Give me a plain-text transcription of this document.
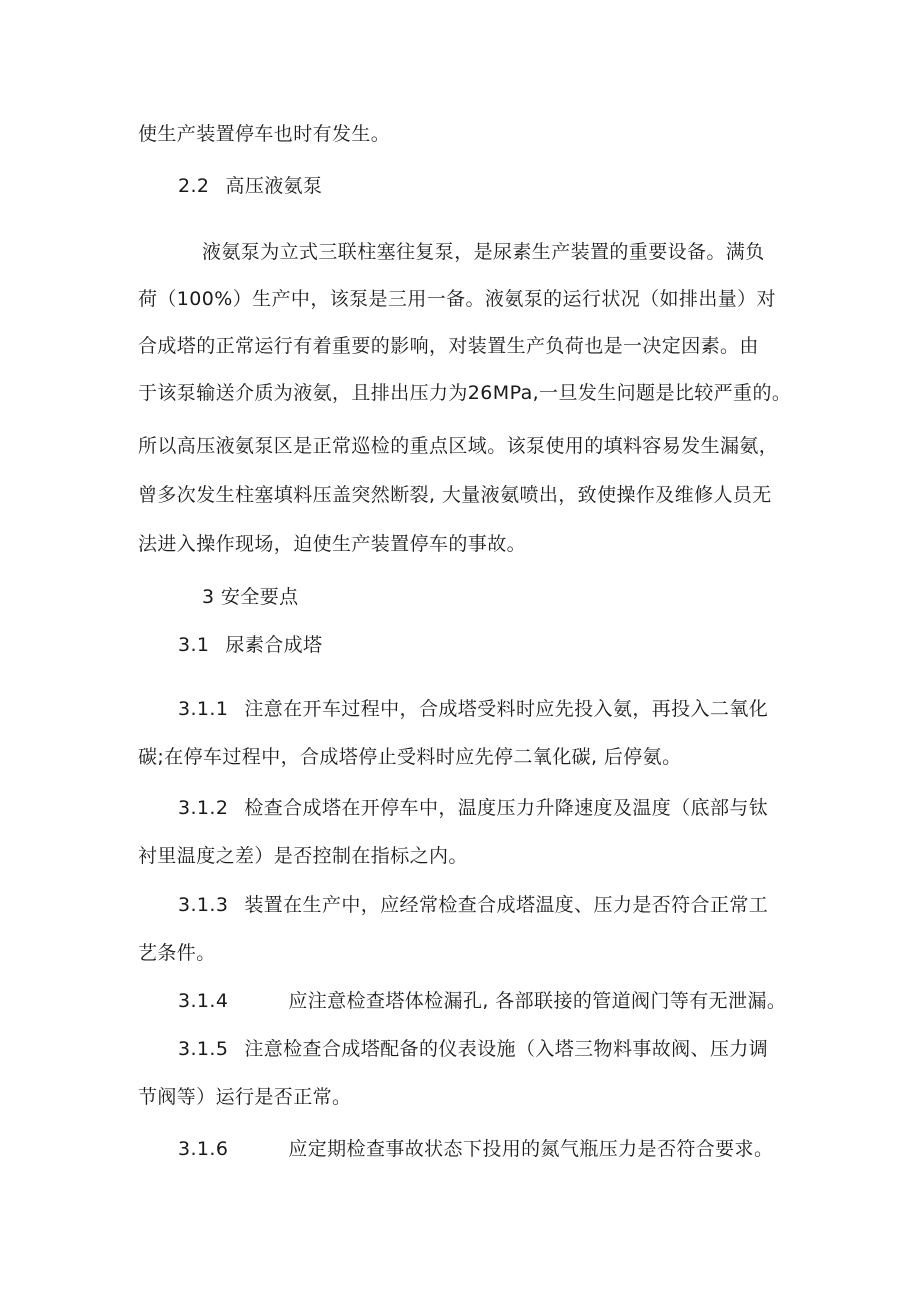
使生产装置停车也时有发生。
2.2 高压液氨泵
液氨泵为立式三联柱塞往复泵，是尿素生产装置的重要设备。满负
荷（100%）生产中，该泵是三用一备。液氨泵的运行状况（如排出量）对
合成塔的正常运行有着重要的影响，对装置生产负荷也是一决定因素。由
于该泵输送介质为液氨，且排出压力为26MPa,一旦发生问题是比较严重的。
所以高压液氨泵区是正常巡检的重点区域。该泵使用的填料容易发生漏氨，
曾多次发生柱塞填料压盖突然断裂, 大量液氨喷出，致使操作及维修人员无
法进入操作现场，迫使生产装置停车的事故。
3 安全要点
3.1 尿素合成塔
3.1.1 注意在开车过程中，合成塔受料时应先投入氨，再投入二氧化
碳;在停车过程中，合成塔停止受料时应先停二氧化碳, 后停氨。
3.1.2 检查合成塔在开停车中，温度压力升降速度及温度（底部与钛
衬里温度之差）是否控制在指标之内。
3.1.3 装置在生产中，应经常检查合成塔温度、压力是否符合正常工
艺条件。
3.1.4	应注意检查塔体检漏孔, 各部联接的管道阀门等有无泄漏。
3.1.5 注意检查合成塔配备的仪表设施（入塔三物料事故阀、压力调
节阀等）运行是否正常。
3.1.6	应定期检查事故状态下投用的氮气瓶压力是否符合要求。
